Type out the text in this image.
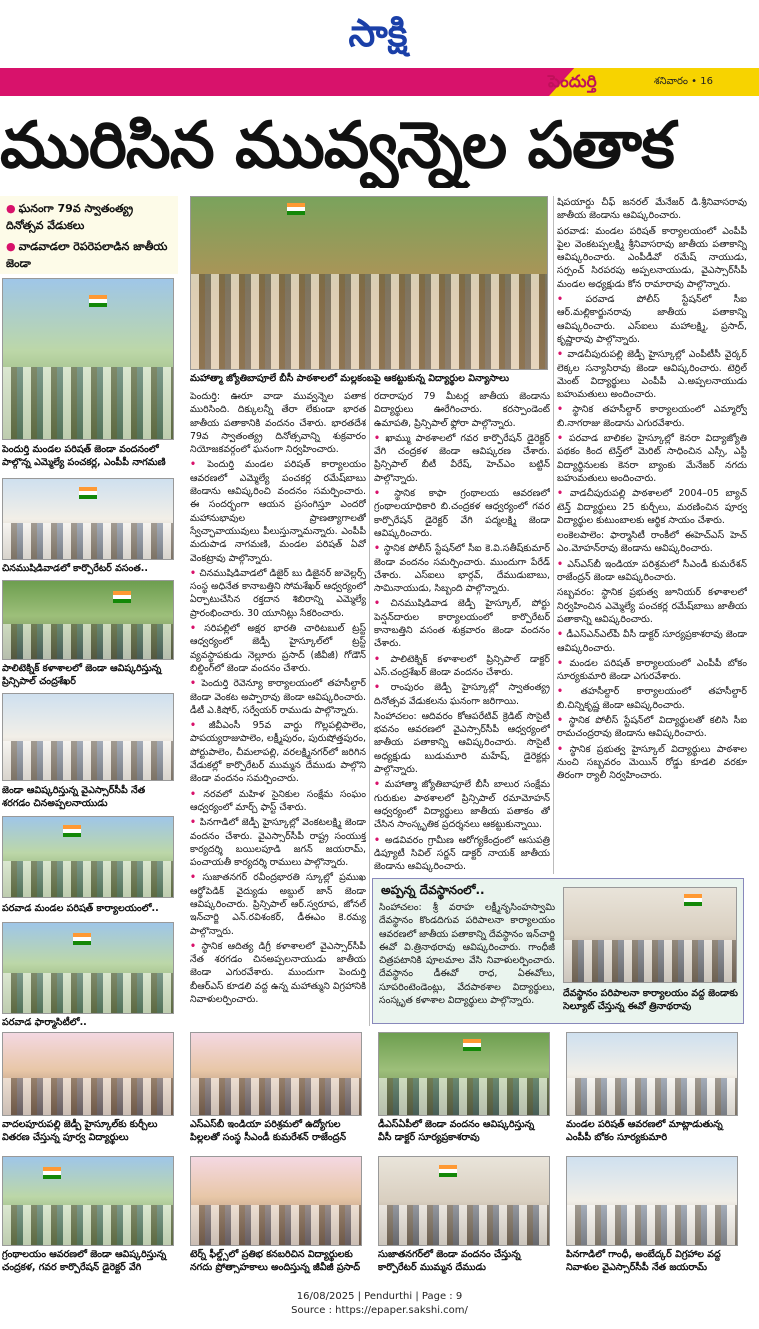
సాక్షి
పెందుర్తి	శనివారం • 16
మురిసిన మువ్వన్నెల పతాక
● ఘనంగా 79వ స్వాతంత్య్ర దినోత్సవ వేడుకలు
● వాడవాడలా రెపరెపలాడిన జాతీయ జెండా
పెందుర్తి మండల పరిషత్‌ జెండా వందనంలో పాల్గొన్న ఎమ్మెల్యే పంచకర్ల, ఎంపీపీ నాగమణి
చినముషిడివాడలో కార్పొరేటర్‌ వసంత..
పాలిటెక్నిక్‌ కళాశాలలో జెండా ఆవిష్కరిస్తున్న ప్రిన్సిపాల్‌ చంద్రశేఖర్‌
జెండా ఆవిష్కరిస్తున్న వైఎస్సార్‌సీపీ నేత శరగడం చినఅప్పలనాయుడు
పరవాడ మండల పరిషత్‌ కార్యాలయంలో..
పరవాడ ఫార్మాసిటీలో..
మహాత్మా జ్యోతిబాపూలే బీసీ పాఠశాలలో మల్లకంబపై ఆకట్టుకున్న విద్యార్థుల విన్యాసాలు

పెందుర్తి: ఊరూ వాడా మువ్వన్నెల పతాక మురిసింది. దిక్కులన్నీ తేరా లేకుండా భారత జాతీయ పతాకానికి వందనం చేశారు. భారతదేశ 79వ స్వాతంత్య్ర దినోత్సవాన్ని శుక్రవారం నియోజకవర్గంలో ఘనంగా నిర్వహించారు.

• పెందుర్తి మండల పరిషత్‌ కార్యాలయం ఆవరణలో ఎమ్మెల్యే పంచకర్ల రమేష్‌బాబు జెండాను ఆవిష్కరించి వందనం సమర్పించారు. ఈ సందర్భంగా ఆయన ప్రసంగిస్తూ ఎందరో మహానుభావుల ప్రాణత్యాగాలతో స్వేచ్ఛావాయువులు పీలుస్తున్నామన్నారు. ఎంపీపీ మదుపాడ నాగమణి, మండల పరిషత్‌ ఏవో వెంకట్రావు పాల్గొన్నారు.

• చినముషిడివాడలో డిజైర్‌ బు డిజైనర్‌ జువెల్లర్స్‌ సంస్థ అధినేత కానాబత్తిని సోమశేఖర్‌ ఆధ్వర్యంలో ఏర్పాటుచేసిన రక్తదాన శిబిరాన్ని ఎమ్మెల్యే ప్రారంభించారు. 30 యూనిట్లు సేకరించారు.

• సరిపల్లిలో అక్షర భారతి చారిటబుల్‌ ట్రస్ట్‌ ఆధ్వర్యంలో జెడ్పీ హైస్కూల్‌లో ట్రస్ట్‌ వ్యవస్థాపకుడు నెల్లూరు ప్రసాద్‌ (జీవీజీ) గోడౌన్‌ బిల్డింగ్‌లో జెండా వందనం చేశారు.

• పెందుర్తి రెవెన్యూ కార్యాలయంలో తహసీల్దార్‌ జెండా వెంకట అప్పారావు జెండా ఆవిష్కరించారు. డీటీ ఎ.కిషోర్‌, సర్వేయర్‌ రాముడు పాల్గొన్నారు.

• జీవీఎంసీ 95వ వార్డు గొల్లపల్లిపాలెం, పాపయ్యరాజుపాలెం, లక్ష్మీపురం, పురుషోత్తపురం, పోర్టుపాలెం, చీమలాపల్లి, వరలక్ష్మినగర్‌లో జరిగిన వేడుకల్లో కార్పొరేటర్‌ ముమ్మన దేముడు పాల్గొని జెండా వందనం సమర్పించారు.

• నరవలో మహిళ సైనికుల సంక్షేమ సంఘం ఆధ్వర్యంలో మార్చ్‌ ఫాస్ట్‌ చేశారు.

• పినగాడిలో జెడ్పీ హైస్కూల్లో వెంకటలక్ష్మి జెండా వందనం చేశారు. వైఎస్సార్‌సీపీ రాష్ట్ర సంయుక్త కార్యదర్శి బయిలపూడి జగన్‌ జయరామ్‌, పంచాయతీ కార్యదర్శి రాములు పాల్గొన్నారు.

• సుజాతనగర్‌ రవీంద్రభారతి స్కూల్లో ప్రముఖ ఆర్థోపెడిక్‌ వైద్యుడు అబ్దుల్‌ జాన్‌ జెండా ఆవిష్కరించారు. ప్రిన్సిపాల్‌ ఆర్‌.స్వరూప, జోనల్‌ ఇన్‌చార్జి ఎన్‌.రవిశంకర్‌, డీఈఎం కె.రమ్య పాల్గొన్నారు.

• స్థానిక ఆదిత్య డిగ్రీ కళాశాలలో వైఎస్సార్‌సీపీ నేత శరగడం చినఅప్పలనాయుడు జాతీయ జెండా ఎగురవేశారు. ముందుగా పెందుర్తి బీఆర్‌ఎస్‌ కూడలి వద్ద ఉన్న మహాత్ముని విగ్రహానికి నివాళులర్పించారు.

రదారాపుర 79 మీటర్ల జాతీయ జెండాను విద్యార్థులు ఊరేగించారు. కరస్పాండెంట్‌ ఉమాపతి, ప్రిన్సిపాల్‌ ఫ్లోరా పాల్గొన్నారు.

• ఖామ్ము పాఠశాలలో గవర కార్పొరేషన్‌ డైరెక్టర్‌ వేగి చంద్రకళ జెండా ఆవిష్కరణ చేశారు. ప్రిన్సిపాల్‌ బీటీ వీరేష్‌, హెచ్‌ఎం బట్టిన్‌ పాల్గొన్నారు.

• స్థానిక కాఫా గ్రంథాలయ ఆవరణలో గ్రంథాలయాధికారి బి.చంద్రకళ ఆధ్వర్యంలో గవర కార్పొరేషన్‌ డైరెక్టర్‌ వేగి పద్మలక్ష్మి జెండా ఆవిష్కరించారు.

• స్థానిక పోలీస్‌ స్టేషన్‌లో సీఐ కె.వి.సతీష్‌కుమార్‌ జెండా వందనం సమర్పించారు. ముందుగా పేరేడ్‌ చేశారు. ఎస్‌ఐలు భార్గవ్‌, దేముడుబాబు, సామినాయుడు, సిబ్బంది పాల్గొన్నారు.

• చినముషిడివాడ జెడ్పీ హైస్కూల్‌, పోర్టు పెన్షన్‌దారుల కార్యాలయంలో కార్పొరేటర్‌ కానాబత్తిని వసంత శుక్రవారం జెండా వందనం చేశారు.

• పాలిటెక్నిక్‌ కళాశాలలో ప్రిన్సిపాల్‌ డాక్టర్‌ ఎస్‌.చంద్రశేఖర్‌ జెండా వందనం చేశారు.

• రాంపురం జెడ్పీ హైస్కూల్లో స్వాతంత్య్ర దినోత్సవ వేడుకలను ఘనంగా జరిగాయి.

సింహాచలం: ఆదివరం కోఆపరేటివ్‌ క్రెడిట్‌ సొసైటీ భవనం ఆవరణలో వైఎస్సార్‌సీపీ ఆధ్వర్యంలో జాతీయ పతాకాన్ని ఆవిష్కరించారు. సొసైటీ అధ్యక్షుడు బుడుమూరి మహేష్‌, డైరెక్టర్లు పాల్గొన్నారు.

• మహాత్మా జ్యోతిబాపూలే బీసీ బాలుర సంక్షేమ గురుకుల పాఠశాలలో ప్రిన్సిపాల్‌ రమామోహన్‌ ఆధ్వర్యంలో విద్యార్థులు జాతీయ పతాకం తో చేసిన సాంస్కృతిక ప్రదర్శనలు ఆకట్టుకున్నాయి.

• అడవివరం గ్రామీణ ఆరోగ్యకేంద్రంలో ఆసుపత్రి డిప్యూటీ సివిల్‌ సర్జన్‌ డాక్టర్‌ నాయక్‌ జాతీయ జెండాను ఆవిష్కరించారు.

షిపయార్డు చీఫ్‌ జనరల్‌ మేనేజర్‌ డి.శ్రీనివాసరావు జాతీయ జెండాను ఆవిష్కరించారు.

పరవాడ: మండల పరిషత్‌ కార్యాలయంలో ఎంపీపీ పైల వెంకటప్పలక్ష్మి శ్రీనివాసరావు జాతీయ పతాకాన్ని ఆవిష్కరించారు. ఎంపీడీవో రమేష్‌ నాయుడు, సర్పంచ్‌ సిరపరపు అప్పలనాయుడు, వైఎస్సార్‌సీపీ మండల అధ్యక్షుడు కోన రామారావు పాల్గొన్నారు.

• పరవాడ పోలీస్‌ స్టేషన్‌లో సీఐ ఆర్‌.మల్లికార్జునరావు జాతీయ పతాకాన్ని ఆవిష్కరించారు. ఎస్‌ఐలు మహాలక్ష్మి, ప్రసాద్‌, కృష్ణారావు పాల్గొన్నారు.

• వాడచీపురుపల్లి జెడ్పీ హైస్కూల్లో ఎంపీటీసీ వైర్కర్‌ లెక్కల సన్యాసిరావు జెండా ఆవిష్కరించారు. టెర్రిల్‌ మెంట్‌ విద్యార్థులు ఎంపీపీ ఎ.అప్పలనాయుడు బహుమతులు అందించారు.

• స్థానిక తహసీల్దార్‌ కార్యాలయంలో ఎమ్మార్వో బి.నాగరాజు జెండాను ఎగురవేశారు.

• పరవాడ బాలికల హైస్కూల్లో కెనరా విద్యాజ్యోతి పథకం కింద టెన్త్‌లో మెరిట్‌ సాధించిన ఎస్సీ, ఎస్టీ విద్యార్థినులకు కెనరా బ్యాంకు మేనేజర్‌ నగదు బహుమతులు అందించారు.

• వాడచీపురుపల్లి పాఠశాలలో 2004–05 బ్యాచ్‌ టెన్త్‌ విద్యార్థులు 25 కుర్చీలు, మరణించిన పూర్వ విద్యార్థుల కుటుంబాలకు ఆర్థిక సాయం చేశారు.

లంకెలపాలెం: ఫార్మాసిటీ రాంకీలో ఈహెచ్‌ఎస్‌ హెచ్‌ ఎం.మోహన్‌రావు జెండాను ఆవిష్కరించారు.

• ఎస్‌ఎస్‌బీ ఇండియా పరిశ్రమలో సీఎండీ కుమరేశన్‌ రాజేంద్రన్‌ జెండా ఆవిష్కరించారు.

సబ్బవరం: స్థానిక ప్రభుత్వ జూనియర్‌ కళాశాలలో నిర్వహించిన ఎమ్మెల్యే పంచకర్ల రమేష్‌బాబు జాతీయ పతాకాన్ని ఆవిష్కరించారు.

• డీఎస్‌ఎన్‌ఎల్‌పీ వీసీ డాక్టర్‌ సూర్యప్రకాశరావు జెండా ఆవిష్కరించారు.

• మండల పరిషత్‌ కార్యాలయంలో ఎంపీపీ బోకం సూర్యకుమారి జెండా ఎగురవేశారు.

• తహసీల్దార్‌ కార్యాలయంలో తహసీల్దార్‌ బి.చిన్నికృష్ణ జెండా ఆవిష్కరించారు.

• స్థానిక పోలీస్‌ స్టేషన్‌లో విద్యార్థులతో కలిసి సీఐ రామచంద్రరావు జెండాను ఆవిష్కరించారు.

• స్థానిక ప్రభుత్వ హైస్కూల్‌ విద్యార్థులు పాఠశాల నుంచి సబ్బవరం మెయిన్‌ రోడ్డు కూడలి వరకూ తిరంగా ర్యాలీ నిర్వహించారు.

అప్పన్న దేవస్థానంలో..
సింహాచలం: శ్రీ వరాహ లక్ష్మీనృసింహస్వామి దేవస్థానం కొండదిగువ పరిపాలనా కార్యాలయం ఆవరణలో జాతీయ పతాకాన్ని దేవస్థానం ఇన్‌చార్జి ఈవో వి.త్రినాథరావు ఆవిష్కరించారు. గాంధీజీ చిత్రపటానికి పూలమాల వేసి నివాళులర్పించారు. దేవస్థానం డీఈవో రాధ, ఏఈవోలు, సూపరింటెండెంట్లు, వేదపాఠశాల విద్యార్థులు, సంస్కృత కళాశాల విద్యార్థులు పాల్గొన్నారు.
దేవస్థానం పరిపాలనా కార్యాలయం వద్ద జెండాకు సెల్యూట్‌ చేస్తున్న ఈవో త్రినాథరావు
వాదలపూరుపల్లి జెడ్పీ హైస్కూల్‌కు కుర్చీలు వితరణ చేస్తున్న పూర్వ విద్యార్థులు
ఎస్‌ఎస్‌బీ ఇండియా పరిశ్రమలో ఉద్యోగుల పిల్లలతో సంస్థ సీఎండీ కుమరేశన్‌ రాజేంద్రన్‌
డీఎస్‌ఏపీలో జెండా వందనం ఆవిష్కరిస్తున్న వీసీ డాక్టర్‌ సూర్యప్రకాశరావు
మండల పరిషత్‌ ఆవరణలో మాట్లాడుతున్న ఎంపీపీ బోకం సూర్యకుమారి
గ్రంథాలయం ఆవరణలో జెండా ఆవిష్కరిస్తున్న చంద్రకళ, గవర కార్పొరేషన్‌ డైరెక్టర్‌ వేగి
టెర్న్‌ ఫీల్డ్స్‌లో ప్రతిభ కనబరిచిన విద్యార్థులకు నగదు ప్రోత్సాహకాలు అందిస్తున్న జీవీజీ ప్రసాద్‌
సుజాతనగర్‌లో జెండా వందనం చేస్తున్న కార్పొరేటర్‌ ముమ్మన దేముడు
పినగాడిలో గాంధీ, అంబేద్కర్‌ విగ్రహాల వద్ద నివాళుల వైఎస్సార్‌సీపీ నేత జయరామ్‌
16/08/2025 | Pendurthi | Page : 9
Source : https://epaper.sakshi.com/
